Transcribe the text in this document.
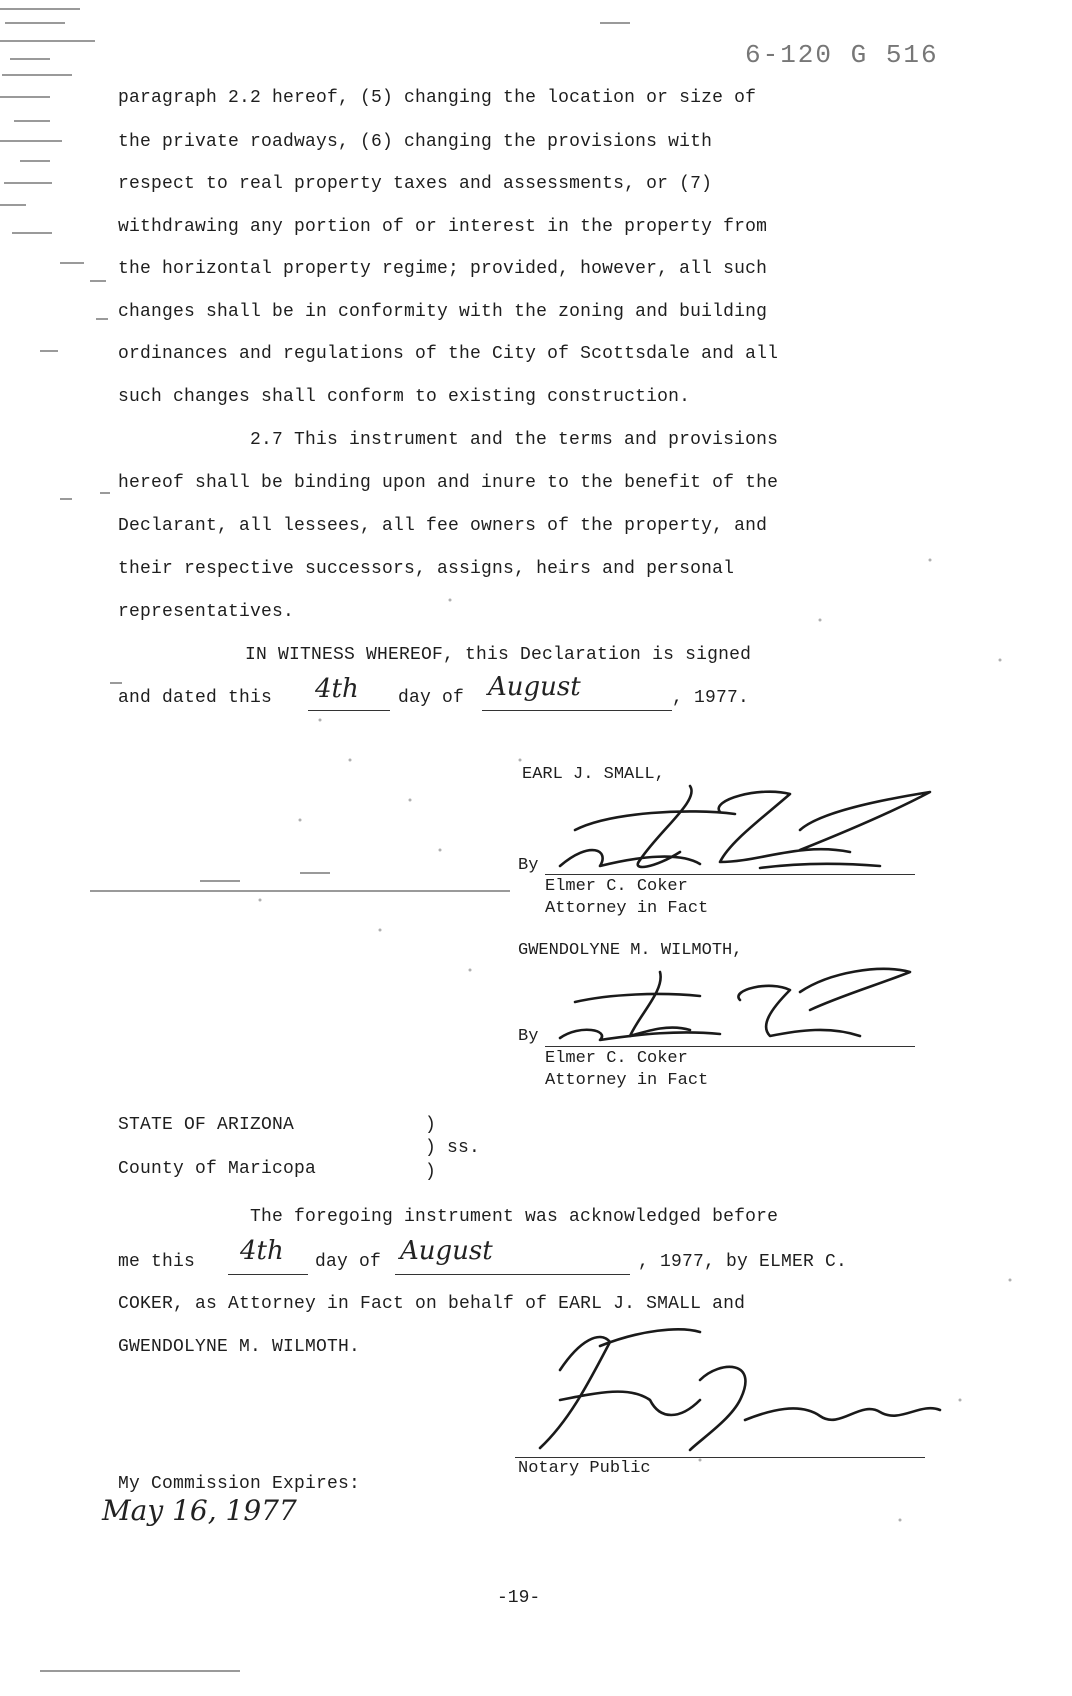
6-120 G 516
paragraph 2.2 hereof, (5) changing the location or size of
the private roadways, (6) changing the provisions with
respect to real property taxes and assessments, or (7)
withdrawing any portion of or interest in the property from
the horizontal property regime; provided, however, all such
changes shall be in conformity with the zoning and building
ordinances and regulations of the City of Scottsdale and all
such changes shall conform to existing construction.
2.7 This instrument and the terms and provisions
hereof shall be binding upon and inure to the benefit of the
Declarant, all lessees, all fee owners of the property, and
their respective successors, assigns, heirs and personal
representatives.
IN WITNESS WHEREOF, this Declaration is signed
and dated this 4th day of August	, 1977.
EARL J. SMALL,
By
Elmer C. Coker
Attorney in Fact
GWENDOLYNE M. WILMOTH,
By
Elmer C. Coker
Attorney in Fact
STATE OF ARIZONA	)
) ss.
County of Maricopa	)
The foregoing instrument was acknowledged before
me this 4th day of August	, 1977, by ELMER C.
COKER, as Attorney in Fact on behalf of EARL J. SMALL and
GWENDOLYNE M. WILMOTH.
Notary Public
My Commission Expires:
May 16, 1977
-19-
